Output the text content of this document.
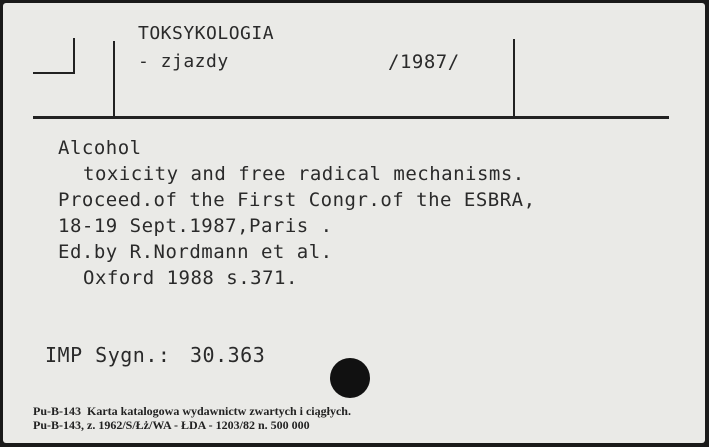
TOKSYKOLOGIA
- zjazdy	/1987/
Alcohol
toxicity and free radical mechanisms.
Proceed.of the First Congr.of the ESBRA,
18-19 Sept.1987,Paris .
Ed.by R.Nordmann et al.
Oxford 1988 s.371.
IMP Sygn.: 30.363
Pu-B-143  Karta katalogowa wydawnictw zwartych i ciągłych.
Pu-B-143, z. 1962/S/Łż/WA - ŁDA - 1203/82 n. 500 000
